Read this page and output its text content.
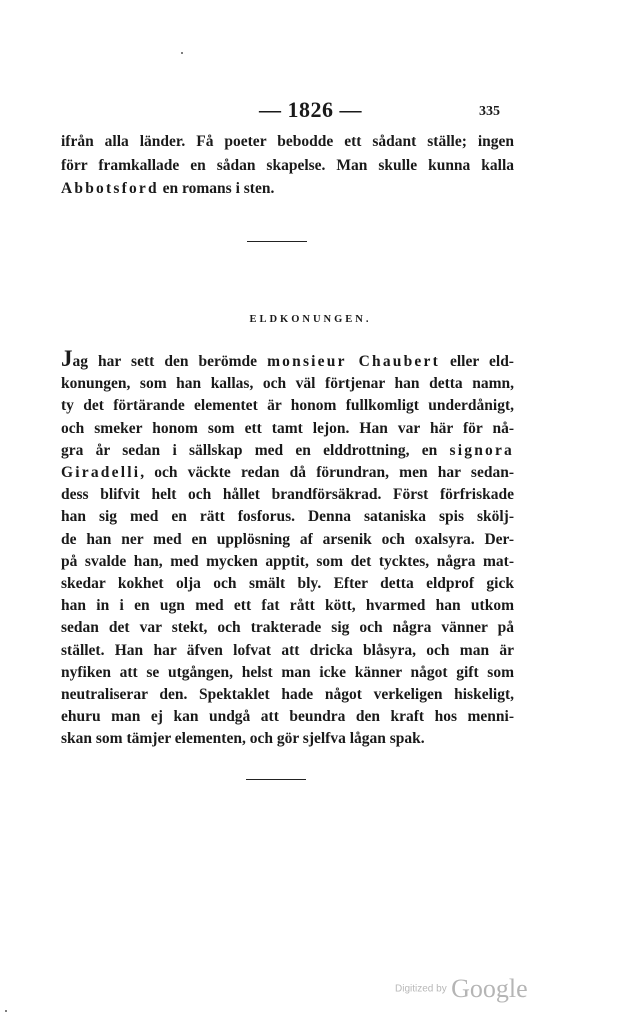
— 1826 —	335
ifrån alla länder. Få poeter bebodde ett sådant ställe; ingen
förr framkallade en sådan skapelse. Man skulle kunna kalla
Abbotsford en romans i sten.
ELDKONUNGEN.
Jag har sett den berömde monsieur Chaubert eller eld-
konungen, som han kallas, och väl förtjenar han detta namn,
ty det förtärande elementet är honom fullkomligt underdånigt,
och smeker honom som ett tamt lejon. Han var här för nå-
gra år sedan i sällskap med en elddrottning, en signora
Giradelli, och väckte redan då förundran, men har sedan-
dess blifvit helt och hållet brandförsäkrad. Först förfriskade
han sig med en rätt fosforus. Denna sataniska spis skölj-
de han ner med en upplösning af arsenik och oxalsyra. Der-
på svalde han, med mycken apptit, som det tycktes, några mat-
skedar kokhet olja och smält bly. Efter detta eldprof gick
han in i en ugn med ett fat rått kött, hvarmed han utkom
sedan det var stekt, och trakterade sig och några vänner på
stället. Han har äfven lofvat att dricka blåsyra, och man är
nyfiken att se utgången, helst man icke känner något gift som
neutraliserar den. Spektaklet hade något verkeligen hiskeligt,
ehuru man ej kan undgå att beundra den kraft hos menni-
skan som tämjer elementen, och gör sjelfva lågan spak.
Digitized by Google
